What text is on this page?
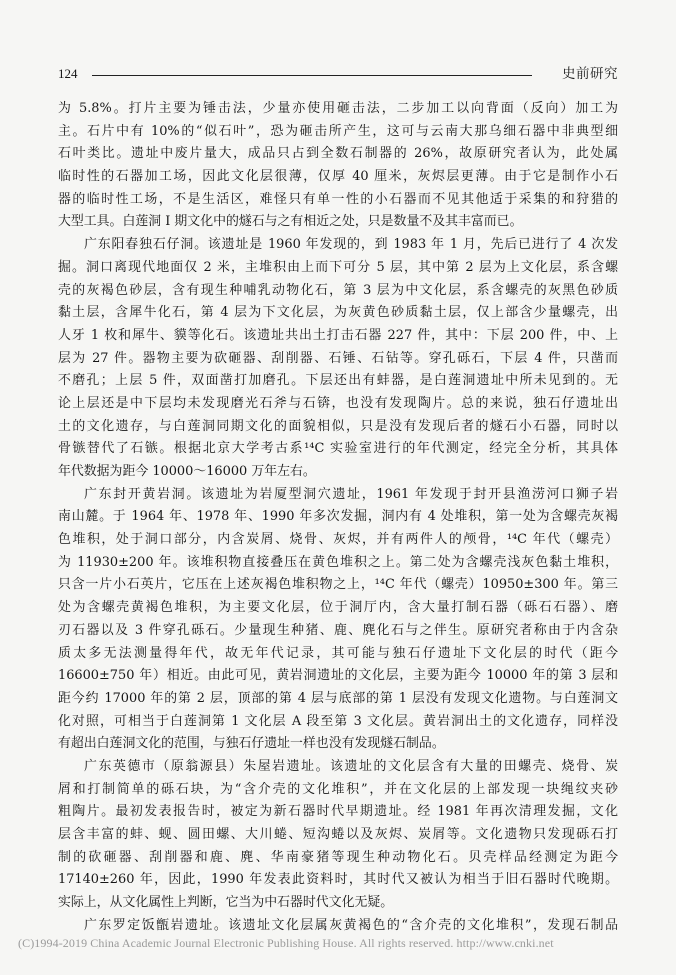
124	史前研究
为 5.8%。打片主要为锤击法，少量亦使用砸击法，二步加工以向背面（反向）加工为
主。石片中有 10%的“似石叶”，恐为砸击所产生，这可与云南大那乌细石器中非典型细
石叶类比。遗址中废片量大，成品只占到全数石制器的 26%，故原研究者认为，此处属
临时性的石器加工场，因此文化层很薄，仅厚 40 厘米，灰烬层更薄。由于它是制作小石
器的临时性工场，不是生活区，难怪只有单一性的小石器而不见其他适于采集的和狩猎的
大型工具。白莲洞 I 期文化中的燧石与之有相近之处，只是数量不及其丰富而已。
广东阳春独石仔洞。该遗址是 1960 年发现的，到 1983 年 1 月，先后已进行了 4 次发
掘。洞口离现代地面仅 2 米，主堆积由上而下可分 5 层，其中第 2 层为上文化层，系含螺
壳的灰褐色砂层，含有现生种哺乳动物化石，第 3 层为中文化层，系含螺壳的灰黑色砂质
黏土层，含犀牛化石，第 4 层为下文化层，为灰黄色砂质黏土层，仅上部含少量螺壳，出
人牙 1 枚和犀牛、貘等化石。该遗址共出土打击石器 227 件，其中：下层 200 件，中、上
层为 27 件。器物主要为砍砸器、刮削器、石锤、石钻等。穿孔砾石，下层 4 件，只凿而
不磨孔；上层 5 件，双面凿打加磨孔。下层还出有蚌器，是白莲洞遗址中所未见到的。无
论上层还是中下层均未发现磨光石斧与石锛，也没有发现陶片。总的来说，独石仔遗址出
土的文化遗存，与白莲洞同期文化的面貌相似，只是没有发现后者的燧石小石器，同时以
骨镞替代了石镞。根据北京大学考古系¹⁴C 实验室进行的年代测定，经完全分析，其具体
年代数据为距今 10000～16000 万年左右。
广东封开黄岩洞。该遗址为岩厦型洞穴遗址，1961 年发现于封开县渔涝河口狮子岩
南山麓。于 1964 年、1978 年、1990 年多次发掘，洞内有 4 处堆积，第一处为含螺壳灰褐
色堆积，处于洞口部分，内含炭屑、烧骨、灰烬，并有两件人的颅骨，¹⁴C 年代（螺壳）
为 11930±200 年。该堆积物直接叠压在黄色堆积之上。第二处为含螺壳浅灰色黏土堆积，
只含一片小石英片，它压在上述灰褐色堆积物之上，¹⁴C 年代（螺壳）10950±300 年。第三
处为含螺壳黄褐色堆积，为主要文化层，位于洞厅内，含大量打制石器（砾石石器）、磨
刃石器以及 3 件穿孔砾石。少量现生种猪、鹿、麂化石与之伴生。原研究者称由于内含杂
质太多无法测量得年代，故无年代记录，其可能与独石仔遗址下文化层的时代（距今
16600±750 年）相近。由此可见，黄岩洞遗址的文化层，主要为距今 10000 年的第 3 层和
距今约 17000 年的第 2 层，顶部的第 4 层与底部的第 1 层没有发现文化遗物。与白莲洞文
化对照，可相当于白莲洞第 1 文化层 A 段至第 3 文化层。黄岩洞出土的文化遗存，同样没
有超出白莲洞文化的范围，与独石仔遗址一样也没有发现燧石制品。
广东英德市（原翁源县）朱屋岩遗址。该遗址的文化层含有大量的田螺壳、烧骨、炭
屑和打制简单的砾石块，为“含介壳的文化堆积”，并在文化层的上部发现一块绳纹夹砂
粗陶片。最初发表报告时，被定为新石器时代早期遗址。经 1981 年再次清理发掘，文化
层含丰富的蚌、蚬、圆田螺、大川蜷、短沟蜷以及灰烬、炭屑等。文化遗物只发现砾石打
制的砍砸器、刮削器和鹿、麂、华南豪猪等现生种动物化石。贝壳样品经测定为距今
17140±260 年，因此，1990 年发表此资料时，其时代又被认为相当于旧石器时代晚期。
实际上，从文化属性上判断，它当为中石器时代文化无疑。
广东罗定饭甑岩遗址。该遗址文化层属灰黄褐色的“含介壳的文化堆积”，发现石制品
(C)1994-2019 China Academic Journal Electronic Publishing House. All rights reserved. http://www.cnki.net
